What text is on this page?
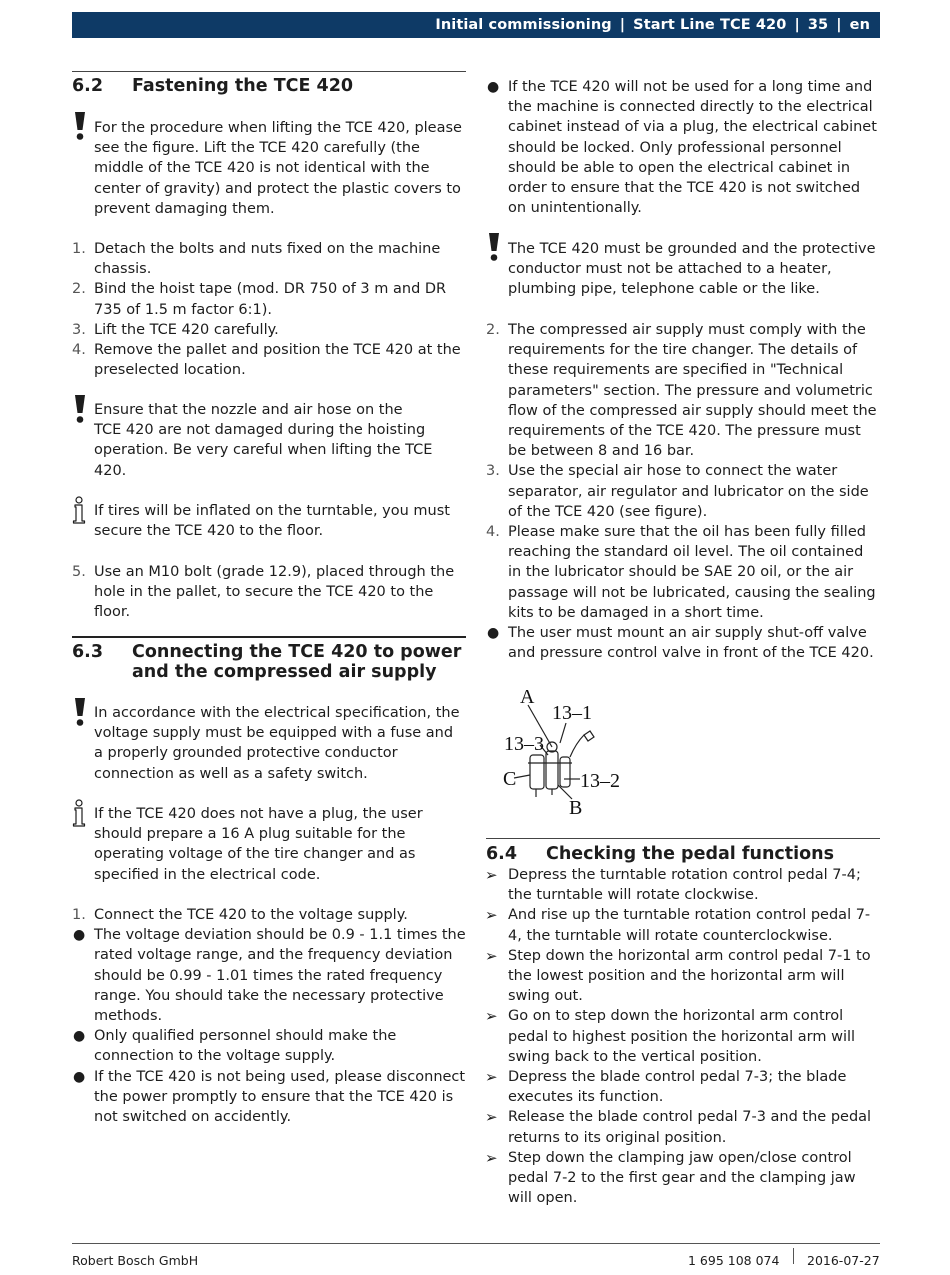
Initial commissioning | Start Line TCE 420 | 35 | en
6.2 Fastening the TCE 420

For the procedure when lifting the TCE 420, please see the figure. Lift the TCE 420 carefully (the middle of the TCE 420 is not identical with the center of gravity) and protect the plastic covers to prevent damaging them.

1. Detach the bolts and nuts fixed on the machine chassis.
2. Bind the hoist tape (mod. DR 750 of 3 m and DR 735 of 1.5 m factor 6:1).
3. Lift the TCE 420 carefully.
4. Remove the pallet and position the TCE 420 at the preselected location.

Ensure that the nozzle and air hose on the TCE 420 are not damaged during the hoisting operation. Be very careful when lifting the TCE 420.

If tires will be inflated on the turntable, you must secure the TCE 420 to the floor.

5. Use an M10 bolt (grade 12.9), placed through the hole in the pallet, to secure the TCE 420 to the floor.
6.3 Connecting the TCE 420 to power and the compressed air supply

In accordance with the electrical specification, the voltage supply must be equipped with a fuse and a properly grounded protective conductor connection as well as a safety switch.

If the TCE 420 does not have a plug, the user should prepare a 16 A plug suitable for the operating voltage of the tire changer and as specified in the electrical code.

1. Connect the TCE 420 to the voltage supply.
● The voltage deviation should be 0.9 - 1.1 times the rated voltage range, and the frequency deviation should be 0.99 - 1.01 times the rated frequency range. You should take the necessary protective methods.
● Only qualified personnel should make the connection to the voltage supply.
● If the TCE 420 is not being used, please disconnect the power promptly to ensure that the TCE 420 is not switched on accidently.
● If the TCE 420 will not be used for a long time and the machine is connected directly to the electrical cabinet instead of via a plug, the electrical cabinet should be locked. Only professional personnel should be able to open the electrical cabinet in order to ensure that the TCE 420 is not switched on unintentionally.

The TCE 420 must be grounded and the protective conductor must not be attached to a heater, plumbing pipe, telephone cable or the like.

2. The compressed air supply must comply with the requirements for the tire changer. The details of these requirements are specified in "Technical parameters" section. The pressure and volumetric flow of the compressed air supply should meet the requirements of the TCE 420. The pressure must be between 8 and 16 bar.
3. Use the special air hose to connect the water separator, air regulator and lubricator on the side of the TCE 420 (see figure).
4. Please make sure that the oil has been fully filled reaching the standard oil level. The oil contained in the lubricator should be SAE 20 oil, or the air passage will not be lubricated, causing the sealing kits to be damaged in a short time.
● The user must mount an air supply shut-off valve and pressure control valve in front of the TCE 420.
A
13–1
13–3
C	13–2
B
6.4 Checking the pedal functions
➢ Depress the turntable rotation control pedal 7-4; the turntable will rotate clockwise.
➢ And rise up the turntable rotation control pedal 7-4, the turntable will rotate counterclockwise.
➢ Step down the horizontal arm control pedal 7-1 to the lowest position and the horizontal arm will swing out.
➢ Go on to step down the horizontal arm control pedal to highest position the horizontal arm will swing back to the vertical position.
➢ Depress the blade control pedal 7-3; the blade executes its function.
➢ Release the blade control pedal 7-3 and the pedal returns to its original position.
➢ Step down the clamping jaw open/close control pedal 7-2 to the first gear and the clamping jaw will open.
Robert Bosch GmbH	1 695 108 074 2016-07-27
